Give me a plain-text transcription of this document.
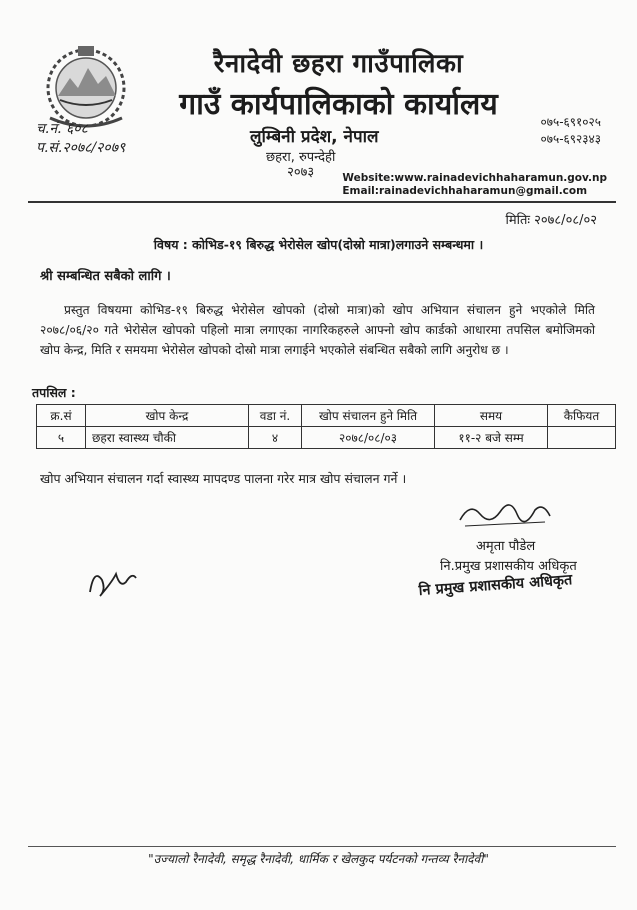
रैनादेवी छहरा गाउँपालिका
गाउँ कार्यपालिकाको कार्यालय
लुम्बिनी प्रदेश, नेपाल
०७५-६९१०२५
०७५-६९२३४३
च.नं. ६०८
प.सं.२०७८/२०७९
छहरा, रुपन्देही
२०७३	Website:www.rainadevichhaharamun.gov.np
Email:rainadevichhaharamun@gmail.com
मितिः २०७८/०८/०२
विषय : कोभिड-१९ बिरुद्ध भेरोसेल खोप(दोस्रो मात्रा)लगाउने सम्बन्धमा ।
श्री सम्बन्धित सबैको लागि ।
प्रस्तुत विषयमा कोभिड-१९ बिरुद्ध भेरोसेल खोपको (दोस्रो मात्रा)को खोप अभियान संचालन हुने भएकोले मिति २०७८/०६/२० गते भेरोसेल खोपको पहिलो मात्रा लगाएका नागरिकहरुले आफ्नो खोप कार्डको आधारमा तपसिल बमोजिमको खोप केन्द्र, मिति र समयमा भेरोसेल खोपको दोस्रो मात्रा लगाईने भएकोले संबन्धित सबैको लागि अनुरोध छ ।
तपसिल :
क्र.सं	खोप केन्द्र	वडा नं.	खोप संचालन हुने मिति	समय	कैफियत
५	छहरा स्वास्थ्य चौकी	४	२०७८/०८/०३	११-२ बजे सम्म	
खोप अभियान संचालन गर्दा स्वास्थ्य मापदण्ड पालना गरेर मात्र खोप संचालन गर्ने ।
अमृता पौडेल
नि.प्रमुख प्रशासकीय अधिकृत
नि प्रमुख प्रशासकीय अधिकृत
"उज्यालो रैनादेवी, समृद्ध रैनादेवी, धार्मिक र खेलकुद पर्यटनको गन्तव्य रैनादेवी"
